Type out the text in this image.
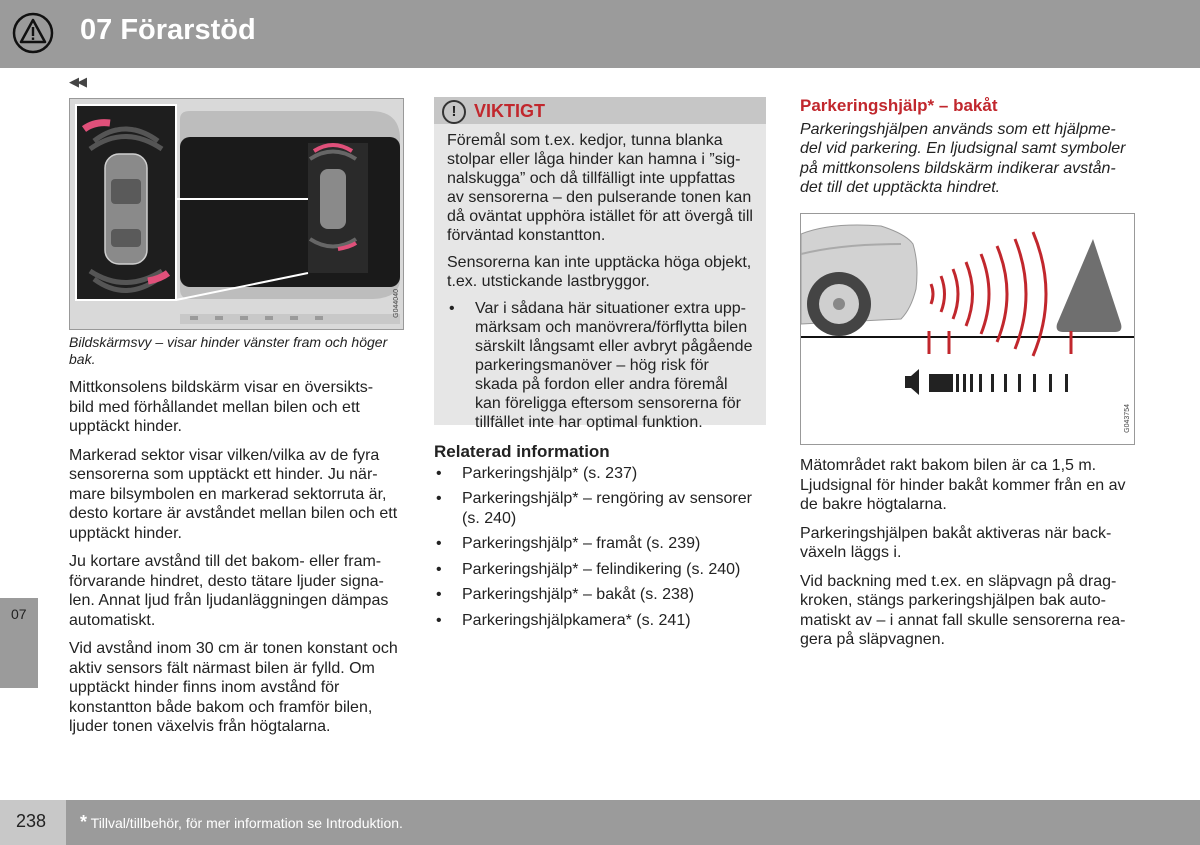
07 Förarstöd
◀◀
07
G044040
Bildskärmsvy – visar hinder vänster fram och höger bak.

Mittkonsolens bildskärm visar en översikts- bild med förhållandet mellan bilen och ett upptäckt hinder.

Markerad sektor visar vilken/vilka av de fyra sensorerna som upptäckt ett hinder. Ju när- mare bilsymbolen en markerad sektorruta är, desto kortare är avståndet mellan bilen och ett upptäckt hinder.

Ju kortare avstånd till det bakom- eller fram- förvarande hindret, desto tätare ljuder signa- len. Annat ljud från ljudanläggningen dämpas automatiskt.

Vid avstånd inom 30 cm är tonen konstant och aktiv sensors fält närmast bilen är fylld. Om upptäckt hinder finns inom avstånd för konstantton både bakom och framför bilen, ljuder tonen växelvis från högtalarna.

! VIKTIGT

Föremål som t.ex. kedjor, tunna blanka stolpar eller låga hinder kan hamna i ”sig- nalskugga” och då tillfälligt inte uppfattas av sensorerna – den pulserande tonen kan då oväntat upphöra istället för att övergå till förväntad konstantton.

Sensorerna kan inte upptäcka höga objekt, t.ex. utstickande lastbryggor.

• Var i sådana här situationer extra upp- märksam och manövrera/förflytta bilen särskilt långsamt eller avbryt pågående parkeringsmanöver – hög risk för skada på fordon eller andra föremål kan föreligga eftersom sensorerna för tillfället inte har optimal funktion.
Relaterad information
• Parkeringshjälp* (s. 237)
• Parkeringshjälp* – rengöring av sensorer (s. 240)
• Parkeringshjälp* – framåt (s. 239)
• Parkeringshjälp* – felindikering (s. 240)
• Parkeringshjälp* – bakåt (s. 238)
• Parkeringshjälpkamera* (s. 241)
Parkeringshjälp* – bakåt

Parkeringshjälpen används som ett hjälpme- del vid parkering. En ljudsignal samt symboler på mittkonsolens bildskärm indikerar avstån- det till det upptäckta hindret.

G043754

Mätområdet rakt bakom bilen är ca 1,5 m. Ljudsignal för hinder bakåt kommer från en av de bakre högtalarna.

Parkeringshjälpen bakåt aktiveras när back- växeln läggs i.

Vid backning med t.ex. en släpvagn på drag- kroken, stängs parkeringshjälpen bak auto- matiskt av – i annat fall skulle sensorerna rea- gera på släpvagnen.

238 * Tillval/tillbehör, för mer information se Introduktion.
